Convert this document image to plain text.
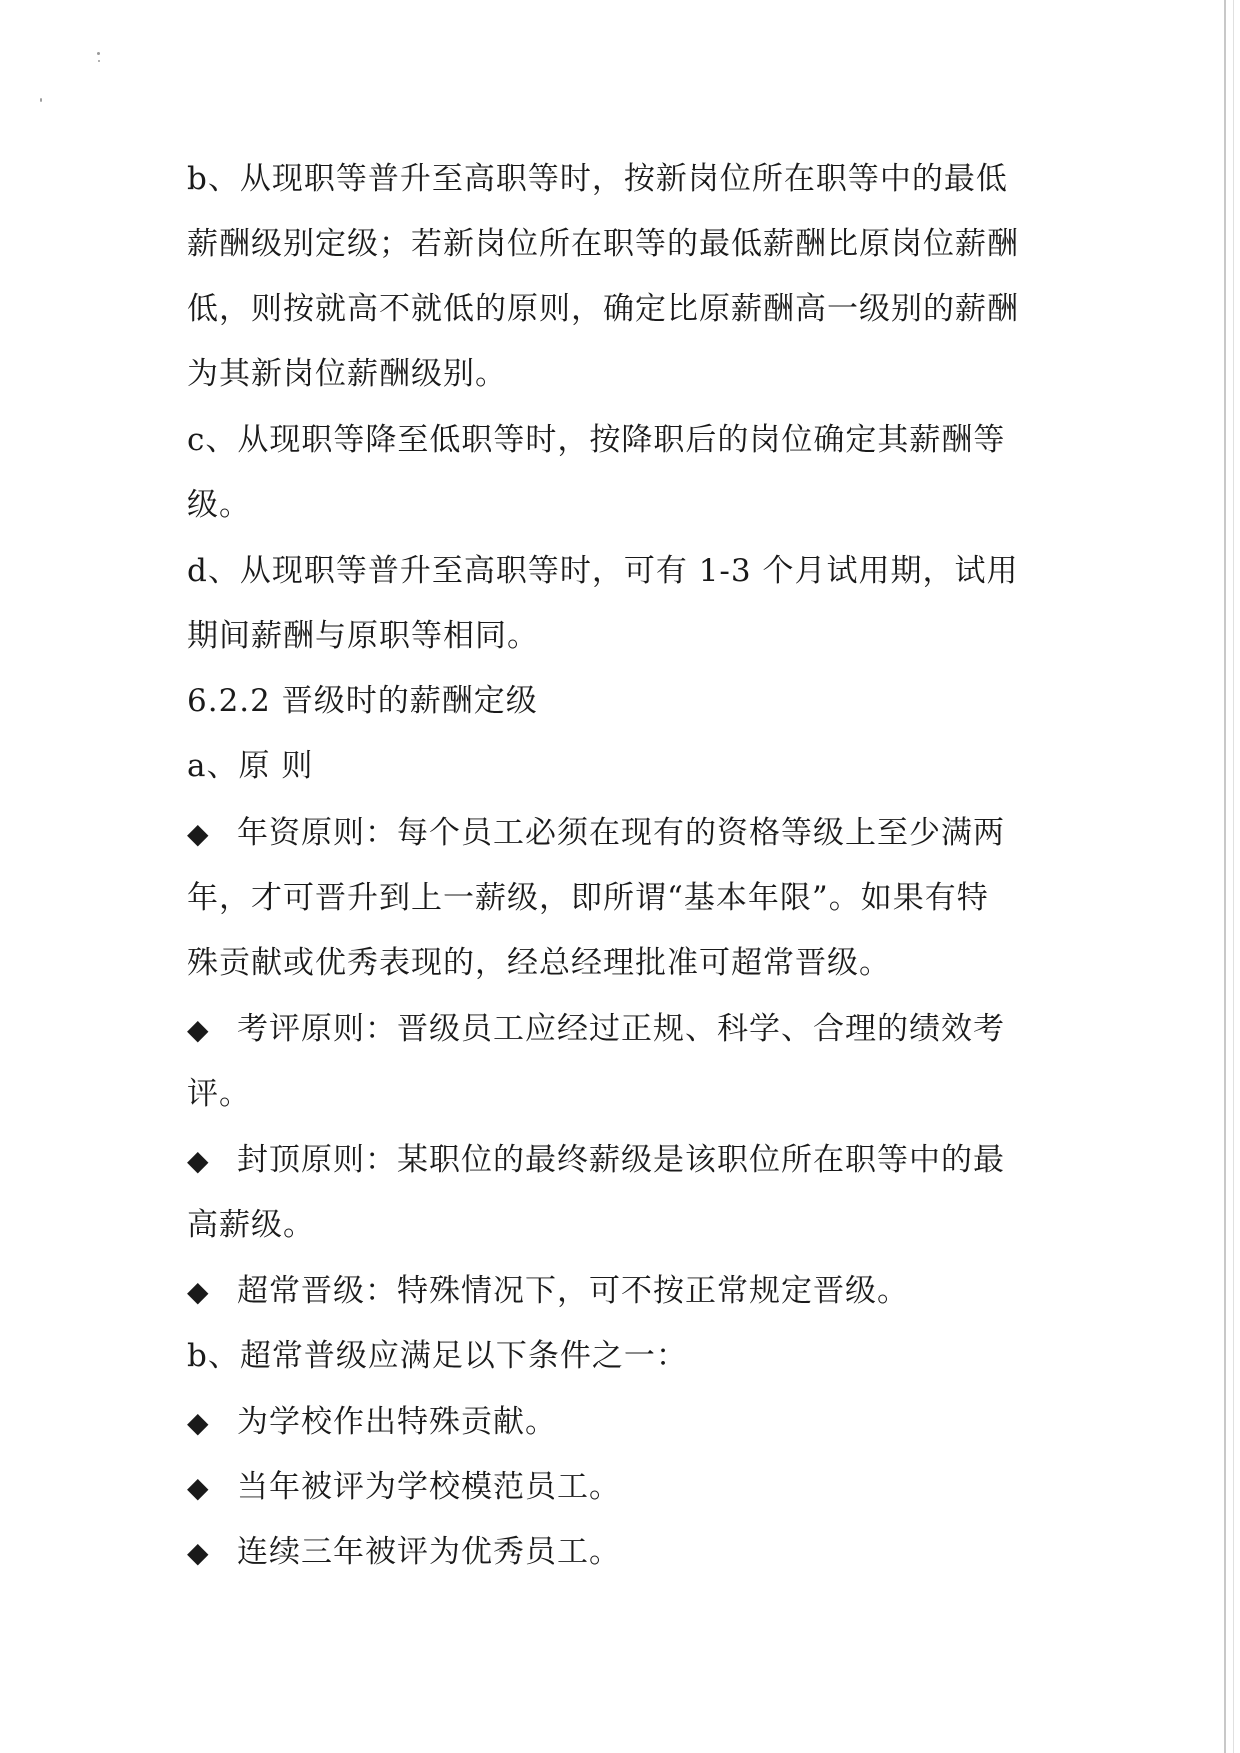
b、从现职等普升至高职等时，按新岗位所在职等中的最低
薪酬级别定级；若新岗位所在职等的最低薪酬比原岗位薪酬
低，则按就高不就低的原则，确定比原薪酬高一级别的薪酬
为其新岗位薪酬级别。
c、从现职等降至低职等时，按降职后的岗位确定其薪酬等
级。
d、从现职等普升至高职等时，可有 1-3 个月试用期，试用
期间薪酬与原职等相同。
6.2.2 晋级时的薪酬定级
a、原 则
◆ 年资原则：每个员工必须在现有的资格等级上至少满两
年，才可晋升到上一薪级，即所谓“基本年限”。如果有特
殊贡献或优秀表现的，经总经理批准可超常晋级。
◆ 考评原则：晋级员工应经过正规、科学、合理的绩效考
评。
◆ 封顶原则：某职位的最终薪级是该职位所在职等中的最
高薪级。
◆ 超常晋级：特殊情况下，可不按正常规定晋级。
b、超常普级应满足以下条件之一：
◆ 为学校作出特殊贡献。
◆ 当年被评为学校模范员工。
◆ 连续三年被评为优秀员工。
